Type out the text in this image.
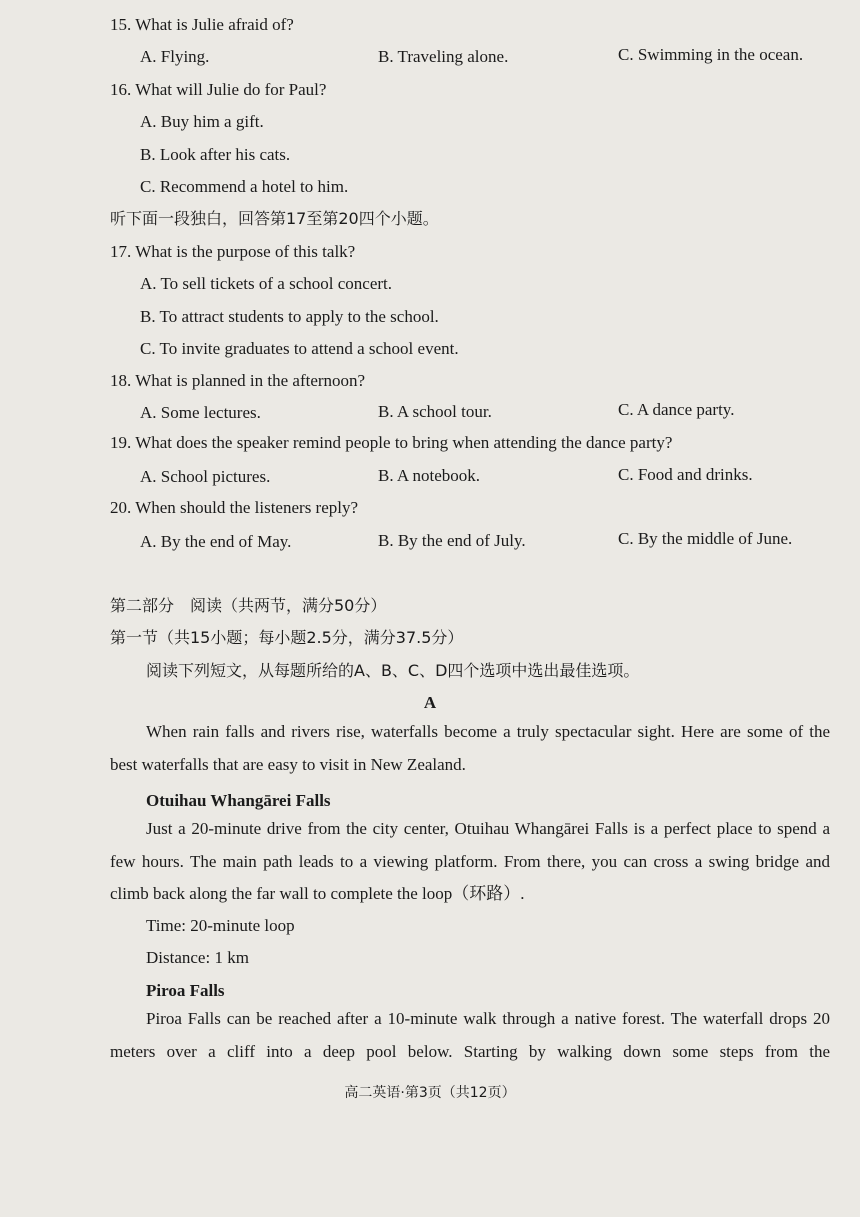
15. What is Julie afraid of?
A. Flying.	B. Traveling alone.	C. Swimming in the ocean.
16. What will Julie do for Paul?
A. Buy him a gift.
B. Look after his cats.
C. Recommend a hotel to him.
听下面一段独白，回答第17至第20四个小题。
17. What is the purpose of this talk?
A. To sell tickets of a school concert.
B. To attract students to apply to the school.
C. To invite graduates to attend a school event.
18. What is planned in the afternoon?
A. Some lectures.	B. A school tour.	C. A dance party.
19. What does the speaker remind people to bring when attending the dance party?
A. School pictures.	B. A notebook.	C. Food and drinks.
20. When should the listeners reply?
A. By the end of May.	B. By the end of July.	C. By the middle of June.
第二部分　阅读（共两节，满分50分）
第一节（共15小题；每小题2.5分，满分37.5分）
阅读下列短文，从每题所给的A、B、C、D四个选项中选出最佳选项。
A

When rain falls and rivers rise, waterfalls become a truly spectacular sight. Here are some of the best waterfalls that are easy to visit in New Zealand.

Otuihau Whangārei Falls

Just a 20-minute drive from the city center, Otuihau Whangārei Falls is a perfect place to spend a few hours. The main path leads to a viewing platform. From there, you can cross a swing bridge and climb back along the far wall to complete the loop（环路）.

Time: 20-minute loop
Distance: 1 km
Piroa Falls

Piroa Falls can be reached after a 10-minute walk through a native forest. The waterfall drops 20 meters over a cliff into a deep pool below. Starting by walking down some steps from the

高二英语·第3页（共12页）
